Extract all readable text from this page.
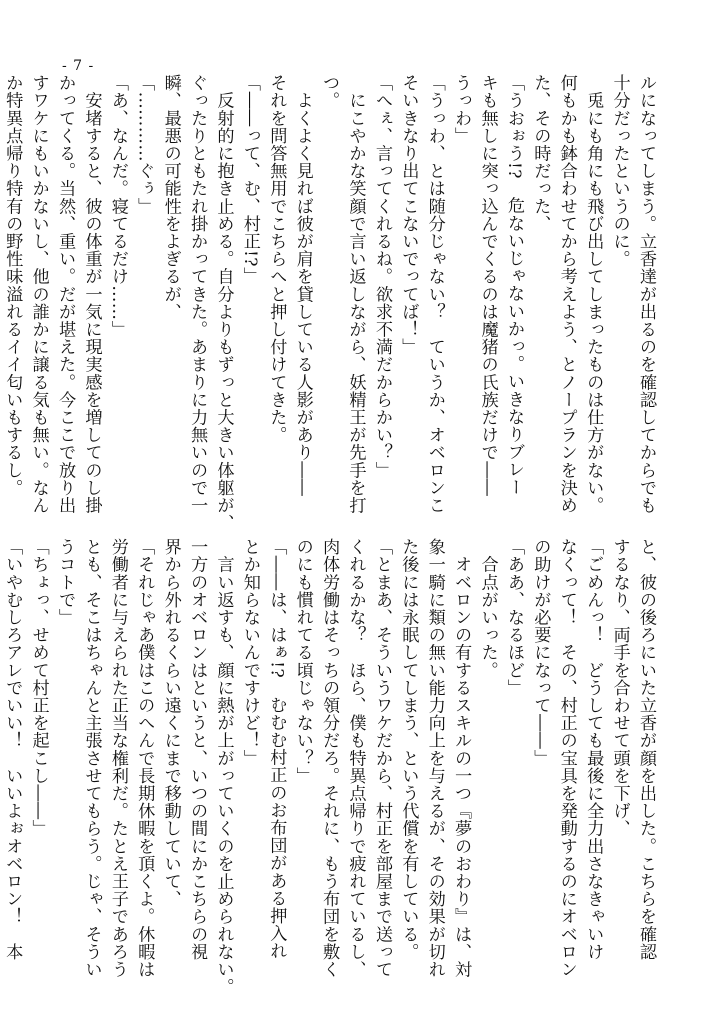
- 7 -
ルになってしまう。立香達が出るのを確認してからでも
十分だったというのに。
　兎にも角にも飛び出してしまったものは仕方がない。
何もかも鉢合わせてから考えよう、とノープランを決め
た、その時だった、
「うおぉう!?　危ないじゃないかっ。いきなりブレー
キも無しに突っ込んでくるのは魔猪の氏族だけで――
うっわ」
「うっわ、とは随分じゃない？　ていうか、オベロンこ
そいきなり出てこないでってば！」
「へぇ、言ってくれるね。欲求不満だからかい？」
　にこやかな笑顔で言い返しながら、妖精王が先手を打
つ。
　よくよく見れば彼が肩を貸している人影があり――
それを問答無用でこちらへと押し付けてきた。
「――って、む、村正!?」
　反射的に抱き止める。自分よりもずっと大きい体躯が、
ぐったりともたれ掛かってきた。あまりに力無いので一
瞬、最悪の可能性をよぎるが、
「…………ぐぅ」
「あ、なんだ。寝てるだけ……」
　安堵すると、彼の体重が一気に現実感を増してのし掛
かってくる。当然、重い。だが堪えた。今ここで放り出
すワケにもいかないし、他の誰かに譲る気も無い。なん
か特異点帰り特有の野性味溢れるイイ匂いもするし。
と、彼の後ろにいた立香が顔を出した。こちらを確認
するなり、両手を合わせて頭を下げ、
「ごめんっ！　どうしても最後に全力出さなきゃいけ
なくって！　その、村正の宝具を発動するのにオベロン
の助けが必要になって――」
「ああ、なるほど」
　合点がいった。
　オベロンの有するスキルの一つ『夢のおわり』は、対
象一騎に類の無い能力向上を与えるが、その効果が切れ
た後には永眠してしまう、という代償を有している。
「とまあ、そういうワケだから、村正を部屋まで送って
くれるかな？　ほら、僕も特異点帰りで疲れているし、
肉体労働はそっちの領分だろ。それに、もう布団を敷く
のにも慣れてる頃じゃない？」
「――は、はぁ!?　むむむ村正のお布団がある押入れ
とか知らないんですけど！」
　言い返すも、顔に熱が上がっていくのを止められない。
一方のオベロンはというと、いつの間にかこちらの視
界から外れるくらい遠くにまで移動していて、
「それじゃあ僕はこのへんで長期休暇を頂くよ。休暇は
労働者に与えられた正当な権利だ。たとえ王子であろう
とも、そこはちゃんと主張させてもらう。じゃ、そうい
うコトで」
「ちょっ、せめて村正を起こし――」
「いやむしろアレでいい！　いいよぉオベロン！　本
